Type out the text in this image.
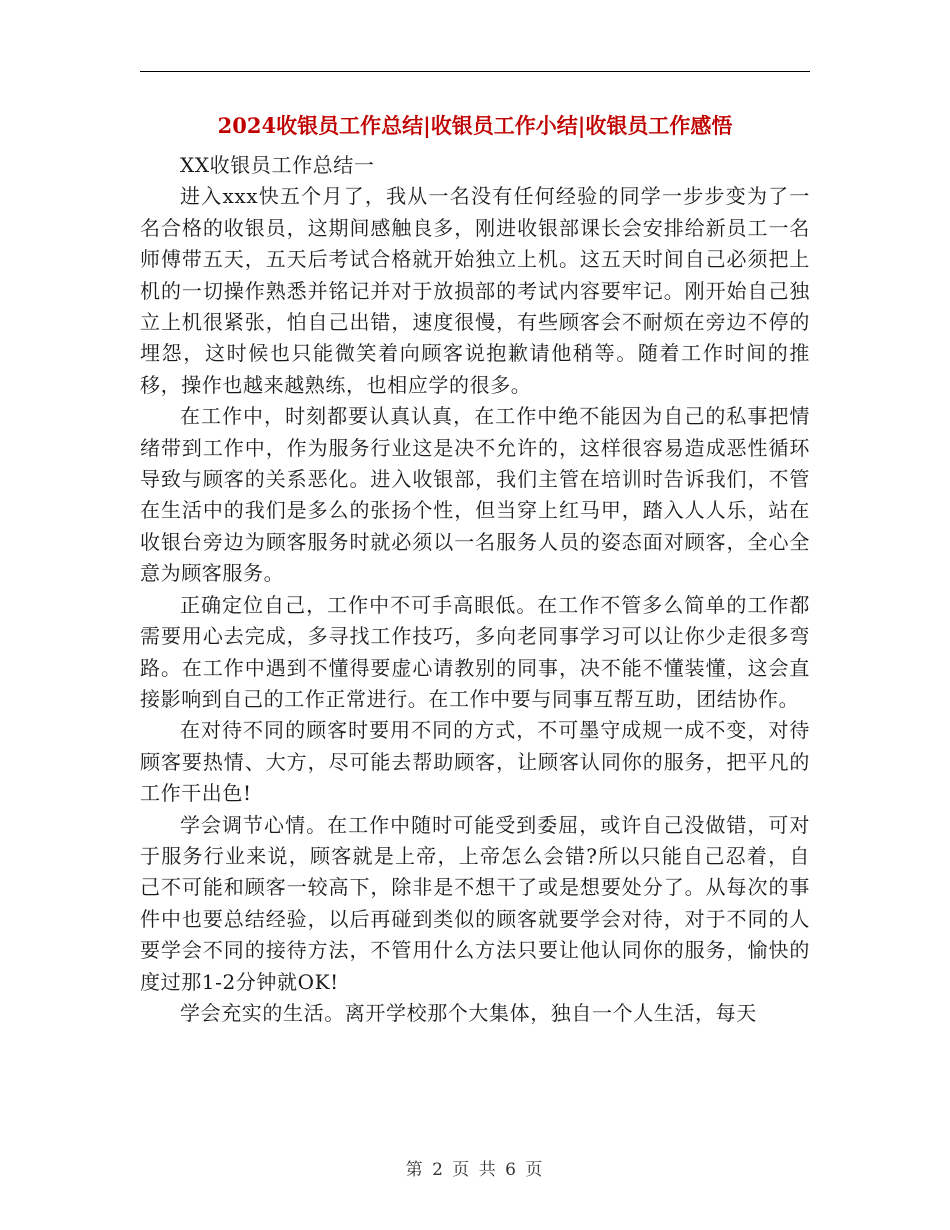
2024收银员工作总结|收银员工作小结|收银员工作感悟

XX收银员工作总结一

进入xxx快五个月了，我从一名没有任何经验的同学一步步变为了一名合格的收银员，这期间感触良多，刚进收银部课长会安排给新员工一名师傅带五天，五天后考试合格就开始独立上机。这五天时间自己必须把上机的一切操作熟悉并铭记并对于放损部的考试内容要牢记。刚开始自己独立上机很紧张，怕自己出错，速度很慢，有些顾客会不耐烦在旁边不停的埋怨，这时候也只能微笑着向顾客说抱歉请他稍等。随着工作时间的推移，操作也越来越熟练，也相应学的很多。

在工作中，时刻都要认真认真，在工作中绝不能因为自己的私事把情绪带到工作中，作为服务行业这是决不允许的，这样很容易造成恶性循环导致与顾客的关系恶化。进入收银部，我们主管在培训时告诉我们，不管在生活中的我们是多么的张扬个性，但当穿上红马甲，踏入人人乐，站在收银台旁边为顾客服务时就必须以一名服务人员的姿态面对顾客，全心全意为顾客服务。

正确定位自己，工作中不可手高眼低。在工作不管多么简单的工作都需要用心去完成，多寻找工作技巧，多向老同事学习可以让你少走很多弯路。在工作中遇到不懂得要虚心请教别的同事，决不能不懂装懂，这会直接影响到自己的工作正常进行。在工作中要与同事互帮互助，团结协作。

在对待不同的顾客时要用不同的方式，不可墨守成规一成不变，对待顾客要热情、大方，尽可能去帮助顾客，让顾客认同你的服务，把平凡的工作干出色!

学会调节心情。在工作中随时可能受到委屈，或许自己没做错，可对于服务行业来说，顾客就是上帝，上帝怎么会错?所以只能自己忍着，自己不可能和顾客一较高下，除非是不想干了或是想要处分了。从每次的事件中也要总结经验，以后再碰到类似的顾客就要学会对待，对于不同的人要学会不同的接待方法，不管用什么方法只要让他认同你的服务，愉快的度过那1-2分钟就OK!

学会充实的生活。离开学校那个大集体，独自一个人生活，每天

第 2 页 共 6 页
